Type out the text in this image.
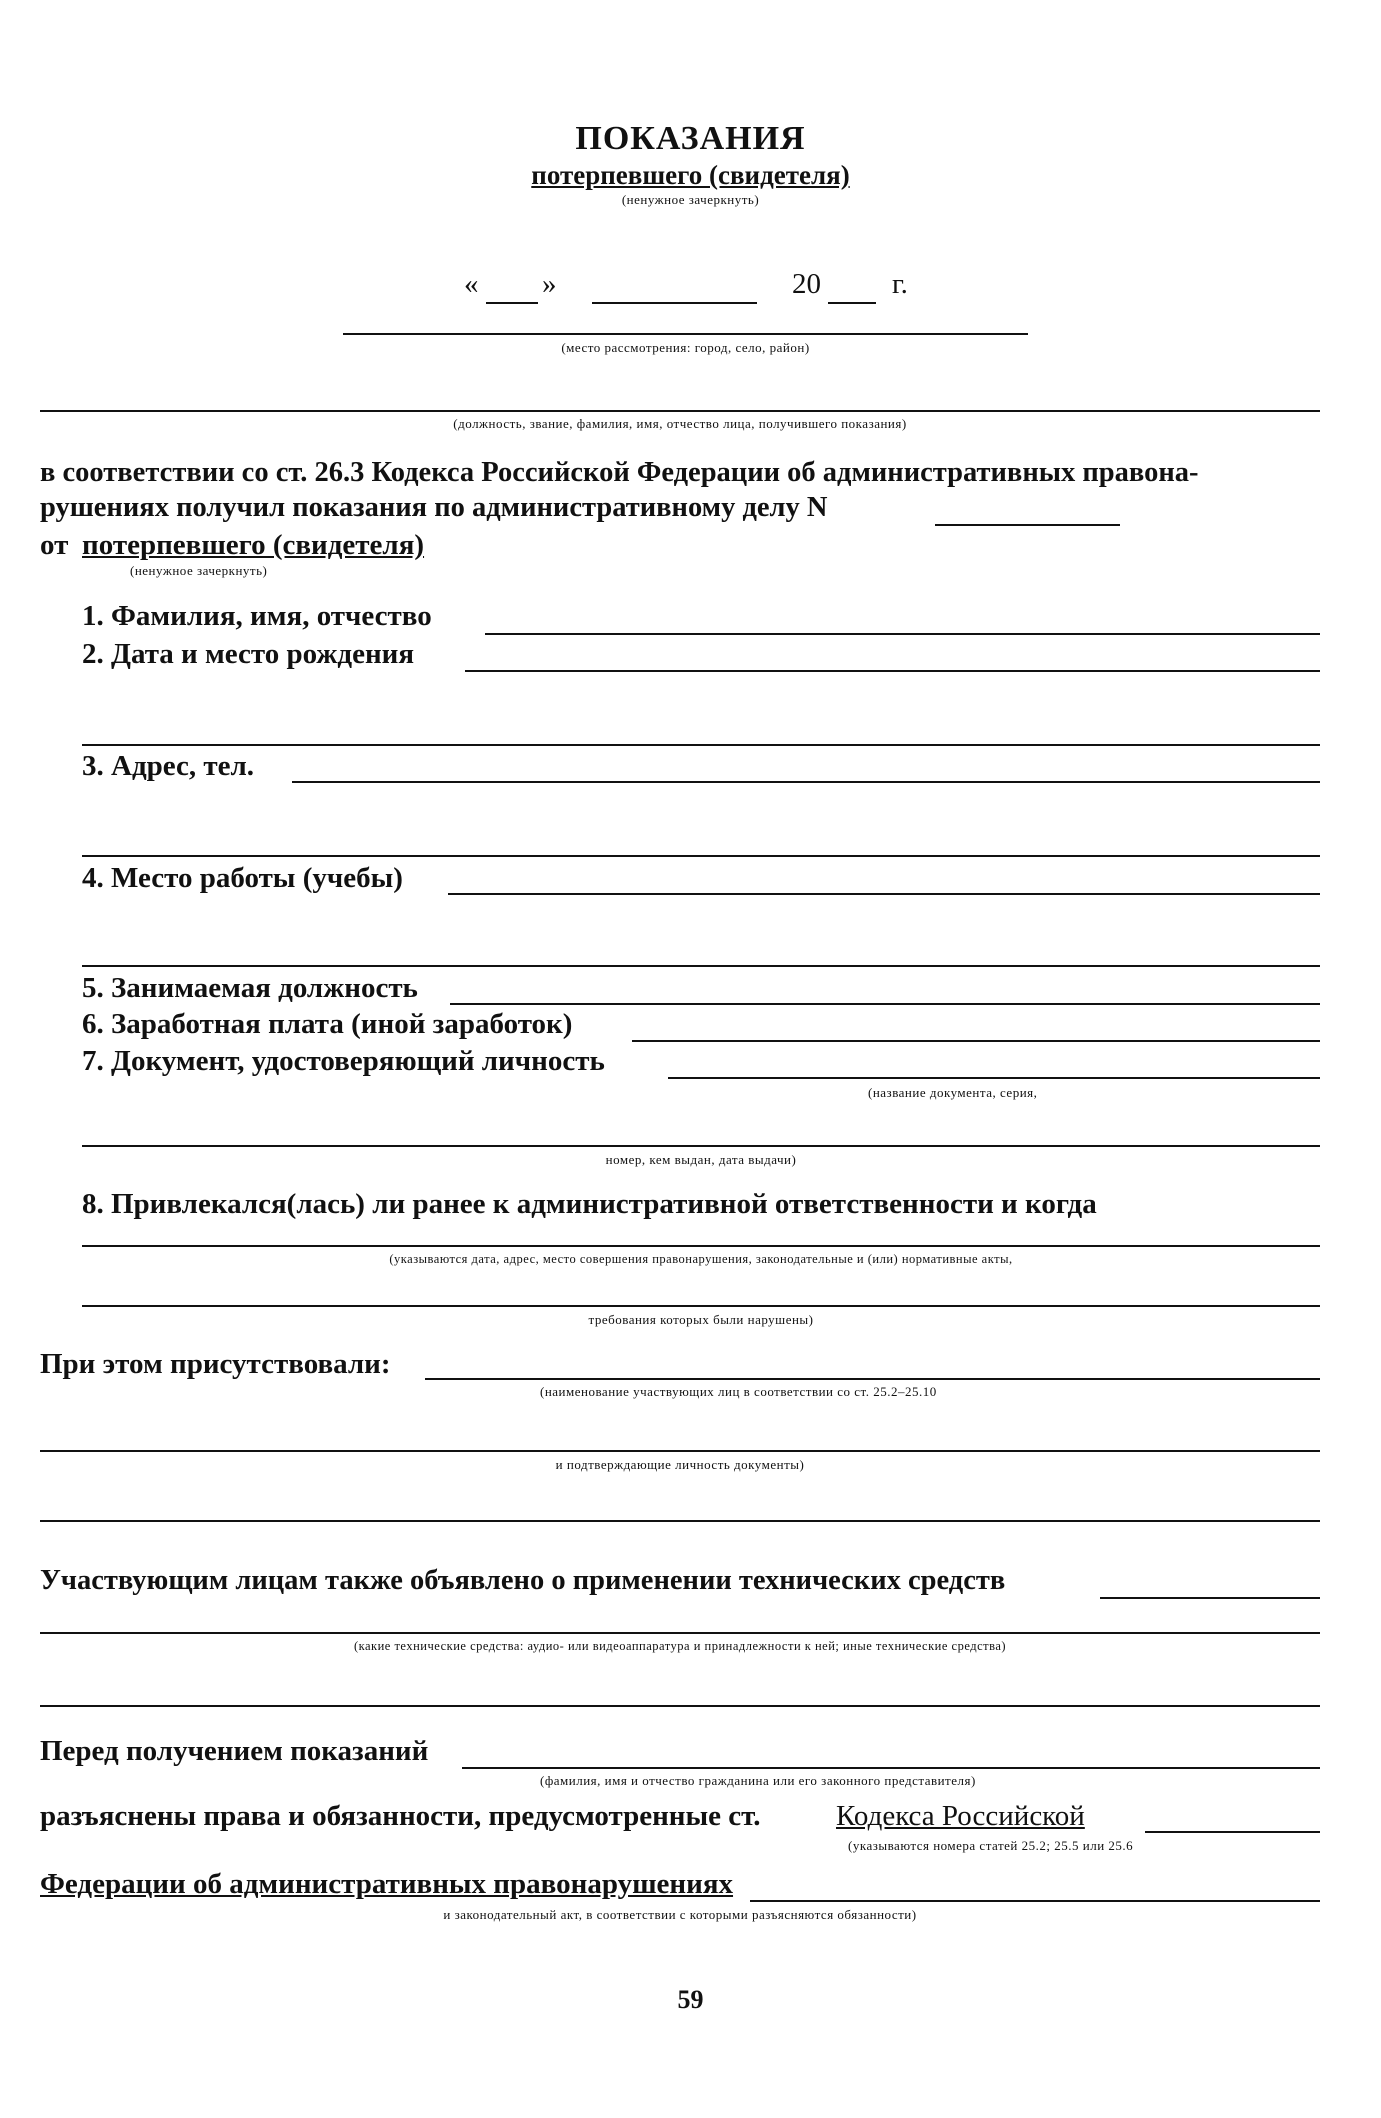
ПОКАЗАНИЯ
потерпевшего (свидетеля)
(ненужное зачеркнуть)
« »	20 г.
(место рассмотрения: город, село, район)
(должность, звание, фамилия, имя, отчество лица, получившего показания)
в соответствии со ст. 26.3 Кодекса Российской Федерации об административных правона-
рушениях получил показания по административному делу N
от потерпевшего (свидетеля)
(ненужное зачеркнуть)
1. Фамилия, имя, отчество
2. Дата и место рождения
3. Адрес, тел.
4. Место работы (учебы)
5. Занимаемая должность
6. Заработная плата (иной заработок)
7. Документ, удостоверяющий личность
(название документа, серия,
номер, кем выдан, дата выдачи)
8. Привлекался(лась) ли ранее к административной ответственности и когда
(указываются дата, адрес, место совершения правонарушения, законодательные и (или) нормативные акты,
требования которых были нарушены)
При этом присутствовали:
(наименование участвующих лиц в соответствии со ст. 25.2–25.10
и подтверждающие личность документы)
Участвующим лицам также объявлено о применении технических средств
(какие технические средства: аудио- или видеоаппаратура и принадлежности к ней; иные технические средства)
Перед получением показаний
(фамилия, имя и отчество гражданина или его законного представителя)
разъяснены права и обязанности, предусмотренные ст.	Кодекса Российской
(указываются номера статей 25.2; 25.5 или 25.6
Федерации об административных правонарушениях
и законодательный акт, в соответствии с которыми разъясняются обязанности)
59
